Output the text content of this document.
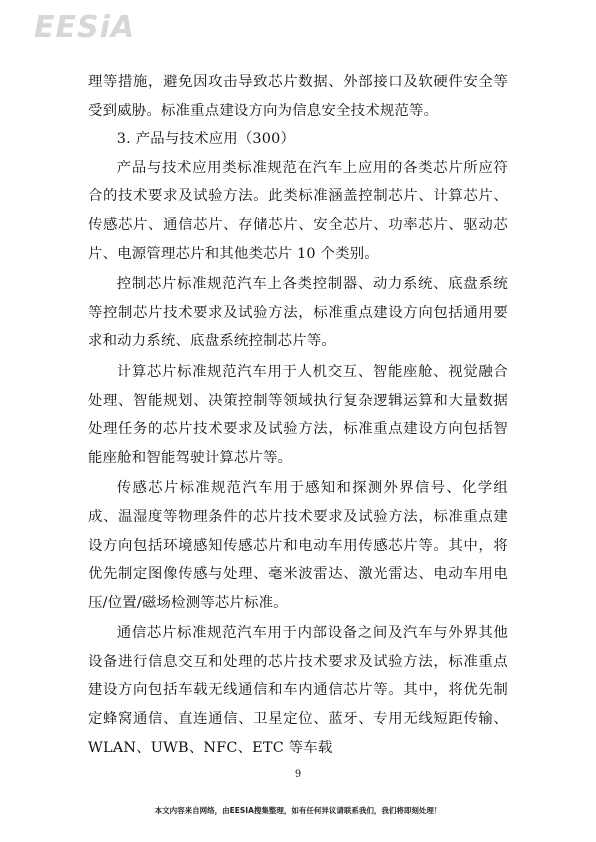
EESiA

理等措施，避免因攻击导致芯片数据、外部接口及软硬件安全等受到威胁。标准重点建设方向为信息安全技术规范等。

3. 产品与技术应用（300）

产品与技术应用类标准规范在汽车上应用的各类芯片所应符合的技术要求及试验方法。此类标准涵盖控制芯片、计算芯片、传感芯片、通信芯片、存储芯片、安全芯片、功率芯片、驱动芯片、电源管理芯片和其他类芯片 10 个类别。

控制芯片标准规范汽车上各类控制器、动力系统、底盘系统等控制芯片技术要求及试验方法，标准重点建设方向包括通用要求和动力系统、底盘系统控制芯片等。

计算芯片标准规范汽车用于人机交互、智能座舱、视觉融合处理、智能规划、决策控制等领域执行复杂逻辑运算和大量数据处理任务的芯片技术要求及试验方法，标准重点建设方向包括智能座舱和智能驾驶计算芯片等。

传感芯片标准规范汽车用于感知和探测外界信号、化学组成、温湿度等物理条件的芯片技术要求及试验方法，标准重点建设方向包括环境感知传感芯片和电动车用传感芯片等。其中，将优先制定图像传感与处理、毫米波雷达、激光雷达、电动车用电压/位置/磁场检测等芯片标准。

通信芯片标准规范汽车用于内部设备之间及汽车与外界其他设备进行信息交互和处理的芯片技术要求及试验方法，标准重点建设方向包括车载无线通信和车内通信芯片等。其中，将优先制定蜂窝通信、直连通信、卫星定位、蓝牙、专用无线短距传输、WLAN、UWB、NFC、ETC 等车载

9
本文内容来自网络，由EESIA搜集整理，如有任何异议请联系我们，我们将即刻处理！
